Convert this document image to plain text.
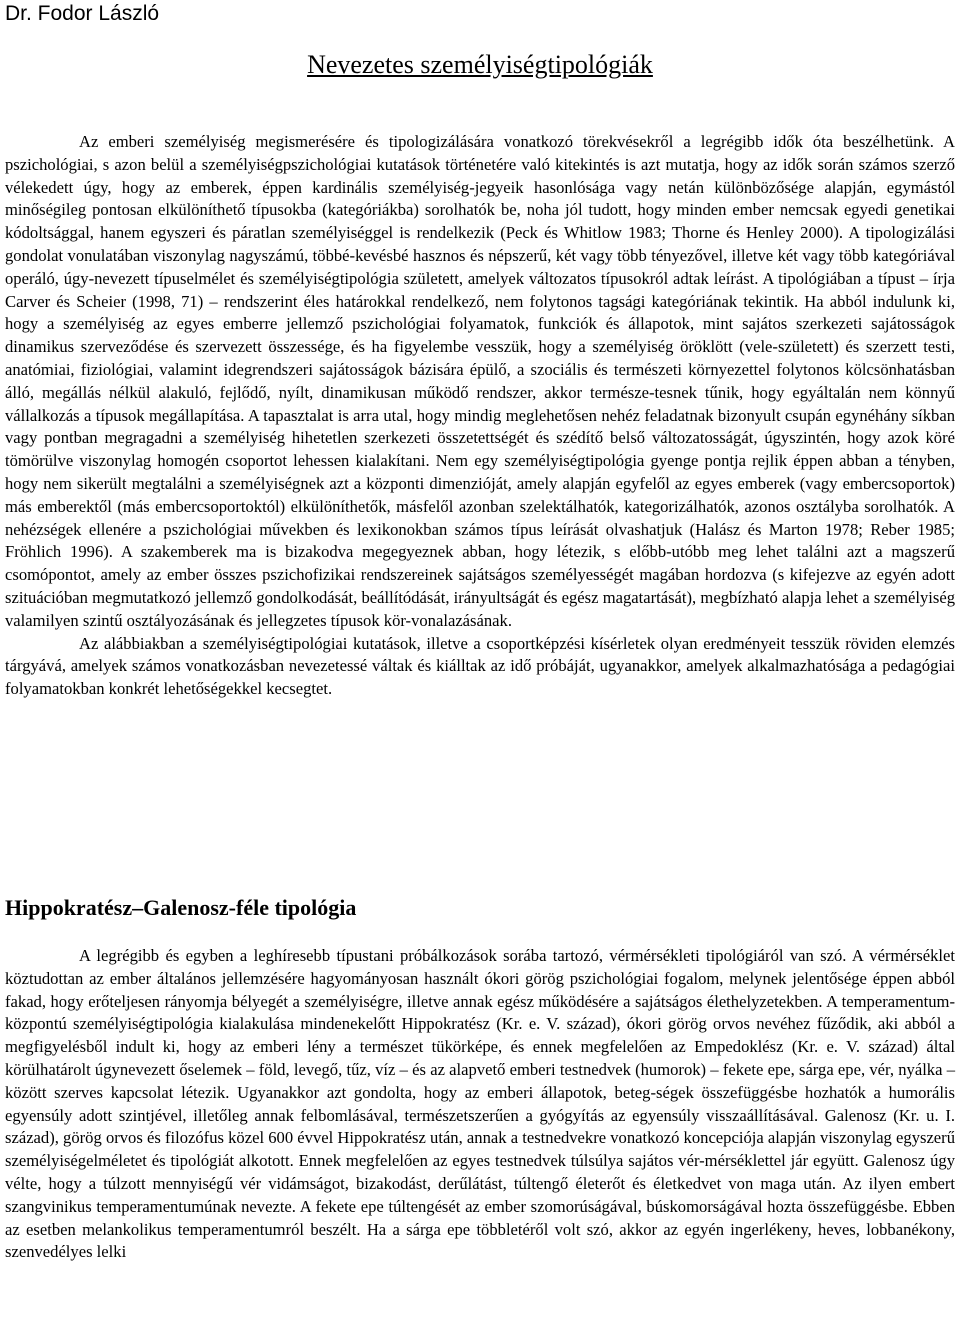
Dr. Fodor László
Nevezetes személyiségtipológiák

Az emberi személyiség megismerésére és tipologizálására vonatkozó törekvésekről a legrégibb idők óta beszélhetünk. A pszichológiai, s azon belül a személyiségpszichológiai kutatások történetére való kitekintés is azt mutatja, hogy az idők során számos szerző vélekedett úgy, hogy az emberek, éppen kardinális személyiség-jegyeik hasonlósága vagy netán különbözősége alapján, egymástól minőségileg pontosan elkülöníthető típusokba (kategóriákba) sorolhatók be, noha jól tudott, hogy minden ember nemcsak egyedi genetikai kódoltsággal, hanem egyszeri és páratlan személyiséggel is rendelkezik (Peck és Whitlow 1983; Thorne és Henley 2000). A tipologizálási gondolat vonulatában viszonylag nagyszámú, többé-kevésbé hasznos és népszerű, két vagy több tényezővel, illetve két vagy több kategóriával operáló, úgy-nevezett típuselmélet és személyiségtipológia született, amelyek változatos típusokról adtak leírást. A tipológiában a típust – írja Carver és Scheier (1998, 71) – rendszerint éles határokkal rendelkező, nem folytonos tagsági kategóriának tekintik. Ha abból indulunk ki, hogy a személyiség az egyes emberre jellemző pszichológiai folyamatok, funkciók és állapotok, mint sajátos szerkezeti sajátosságok dinamikus szerveződése és szervezett összessége, és ha figyelembe vesszük, hogy a személyiség öröklött (vele-született) és szerzett testi, anatómiai, fiziológiai, valamint idegrendszeri sajátosságok bázisára épülő, a szociális és természeti környezettel folytonos kölcsönhatásban álló, megállás nélkül alakuló, fejlődő, nyílt, dinamikusan működő rendszer, akkor természe-tesnek tűnik, hogy egyáltalán nem könnyű vállalkozás a típusok megállapítása. A tapasztalat is arra utal, hogy mindig meglehetősen nehéz feladatnak bizonyult csupán egynéhány síkban vagy pontban megragadni a személyiség hihetetlen szerkezeti összetettségét és szédítő belső változatosságát, úgyszintén, hogy azok köré tömörülve viszonylag homogén csoportot lehessen kialakítani. Nem egy személyiségtipológia gyenge pontja rejlik éppen abban a tényben, hogy nem sikerült megtalálni a személyiségnek azt a központi dimenzióját, amely alapján egyfelől az egyes emberek (vagy embercsoportok) más emberektől (más embercsoportoktól) elkülöníthetők, másfelől azonban szelektálhatók, kategorizálhatók, azonos osztályba sorolhatók. A nehézségek ellenére a pszichológiai művekben és lexikonokban számos típus leírását olvashatjuk (Halász és Marton 1978; Reber 1985; Fröhlich 1996). A szakemberek ma is bizakodva megegyeznek abban, hogy létezik, s előbb-utóbb meg lehet találni azt a magszerű csomópontot, amely az ember összes pszichofizikai rendszereinek sajátságos személyességét magában hordozva (s kifejezve az egyén adott szituációban megmutatkozó jellemző gondolkodását, beállítódását, irányultságát és egész magatartását), megbízható alapja lehet a személyiség valamilyen szintű osztályozásának és jellegzetes típusok kör-vonalazásának.

Az alábbiakban a személyiségtipológiai kutatások, illetve a csoportképzési kísérletek olyan eredményeit tesszük röviden elemzés tárgyává, amelyek számos vonatkozásban nevezetessé váltak és kiálltak az idő próbáját, ugyanakkor, amelyek alkalmazhatósága a pedagógiai folyamatokban konkrét lehetőségekkel kecsegtet.

Hippokratész–Galenosz-féle tipológia

A legrégibb és egyben a leghíresebb típustani próbálkozások sorába tartozó, vérmérsékleti tipológiáról van szó. A vérmérséklet köztudottan az ember általános jellemzésére hagyományosan használt ókori görög pszichológiai fogalom, melynek jelentősége éppen abból fakad, hogy erőteljesen rányomja bélyegét a személyiségre, illetve annak egész működésére a sajátságos élethelyzetekben. A temperamentum-központú személyiségtipológia kialakulása mindenekelőtt Hippokratész (Kr. e. V. század), ókori görög orvos nevéhez fűződik, aki abból a megfigyelésből indult ki, hogy az emberi lény a természet tükörképe, és ennek megfelelően az Empedoklész (Kr. e. V. század) által körülhatárolt úgynevezett őselemek – föld, levegő, tűz, víz – és az alapvető emberi testnedvek (humorok) – fekete epe, sárga epe, vér, nyálka – között szerves kapcsolat létezik. Ugyanakkor azt gondolta, hogy az emberi állapotok, beteg-ségek összefüggésbe hozhatók a humorális egyensúly adott szintjével, illetőleg annak felbomlásával, természetszerűen a gyógyítás az egyensúly visszaállításával. Galenosz (Kr. u. I. század), görög orvos és filozófus közel 600 évvel Hippokratész után, annak a testnedvekre vonatkozó koncepciója alapján viszonylag egyszerű személyiségelméletet és tipológiát alkotott. Ennek megfelelően az egyes testnedvek túlsúlya sajátos vér-mérséklettel jár együtt. Galenosz úgy vélte, hogy a túlzott mennyiségű vér vidámságot, bizakodást, derűlátást, túltengő életerőt és életkedvet von maga után. Az ilyen embert szangvinikus temperamentumúnak nevezte. A fekete epe túltengését az ember szomorúságával, búskomorságával hozta összefüggésbe. Ebben az esetben melankolikus temperamentumról beszélt. Ha a sárga epe többletéről volt szó, akkor az egyén ingerlékeny, heves, lobbanékony, szenvedélyes lelki
